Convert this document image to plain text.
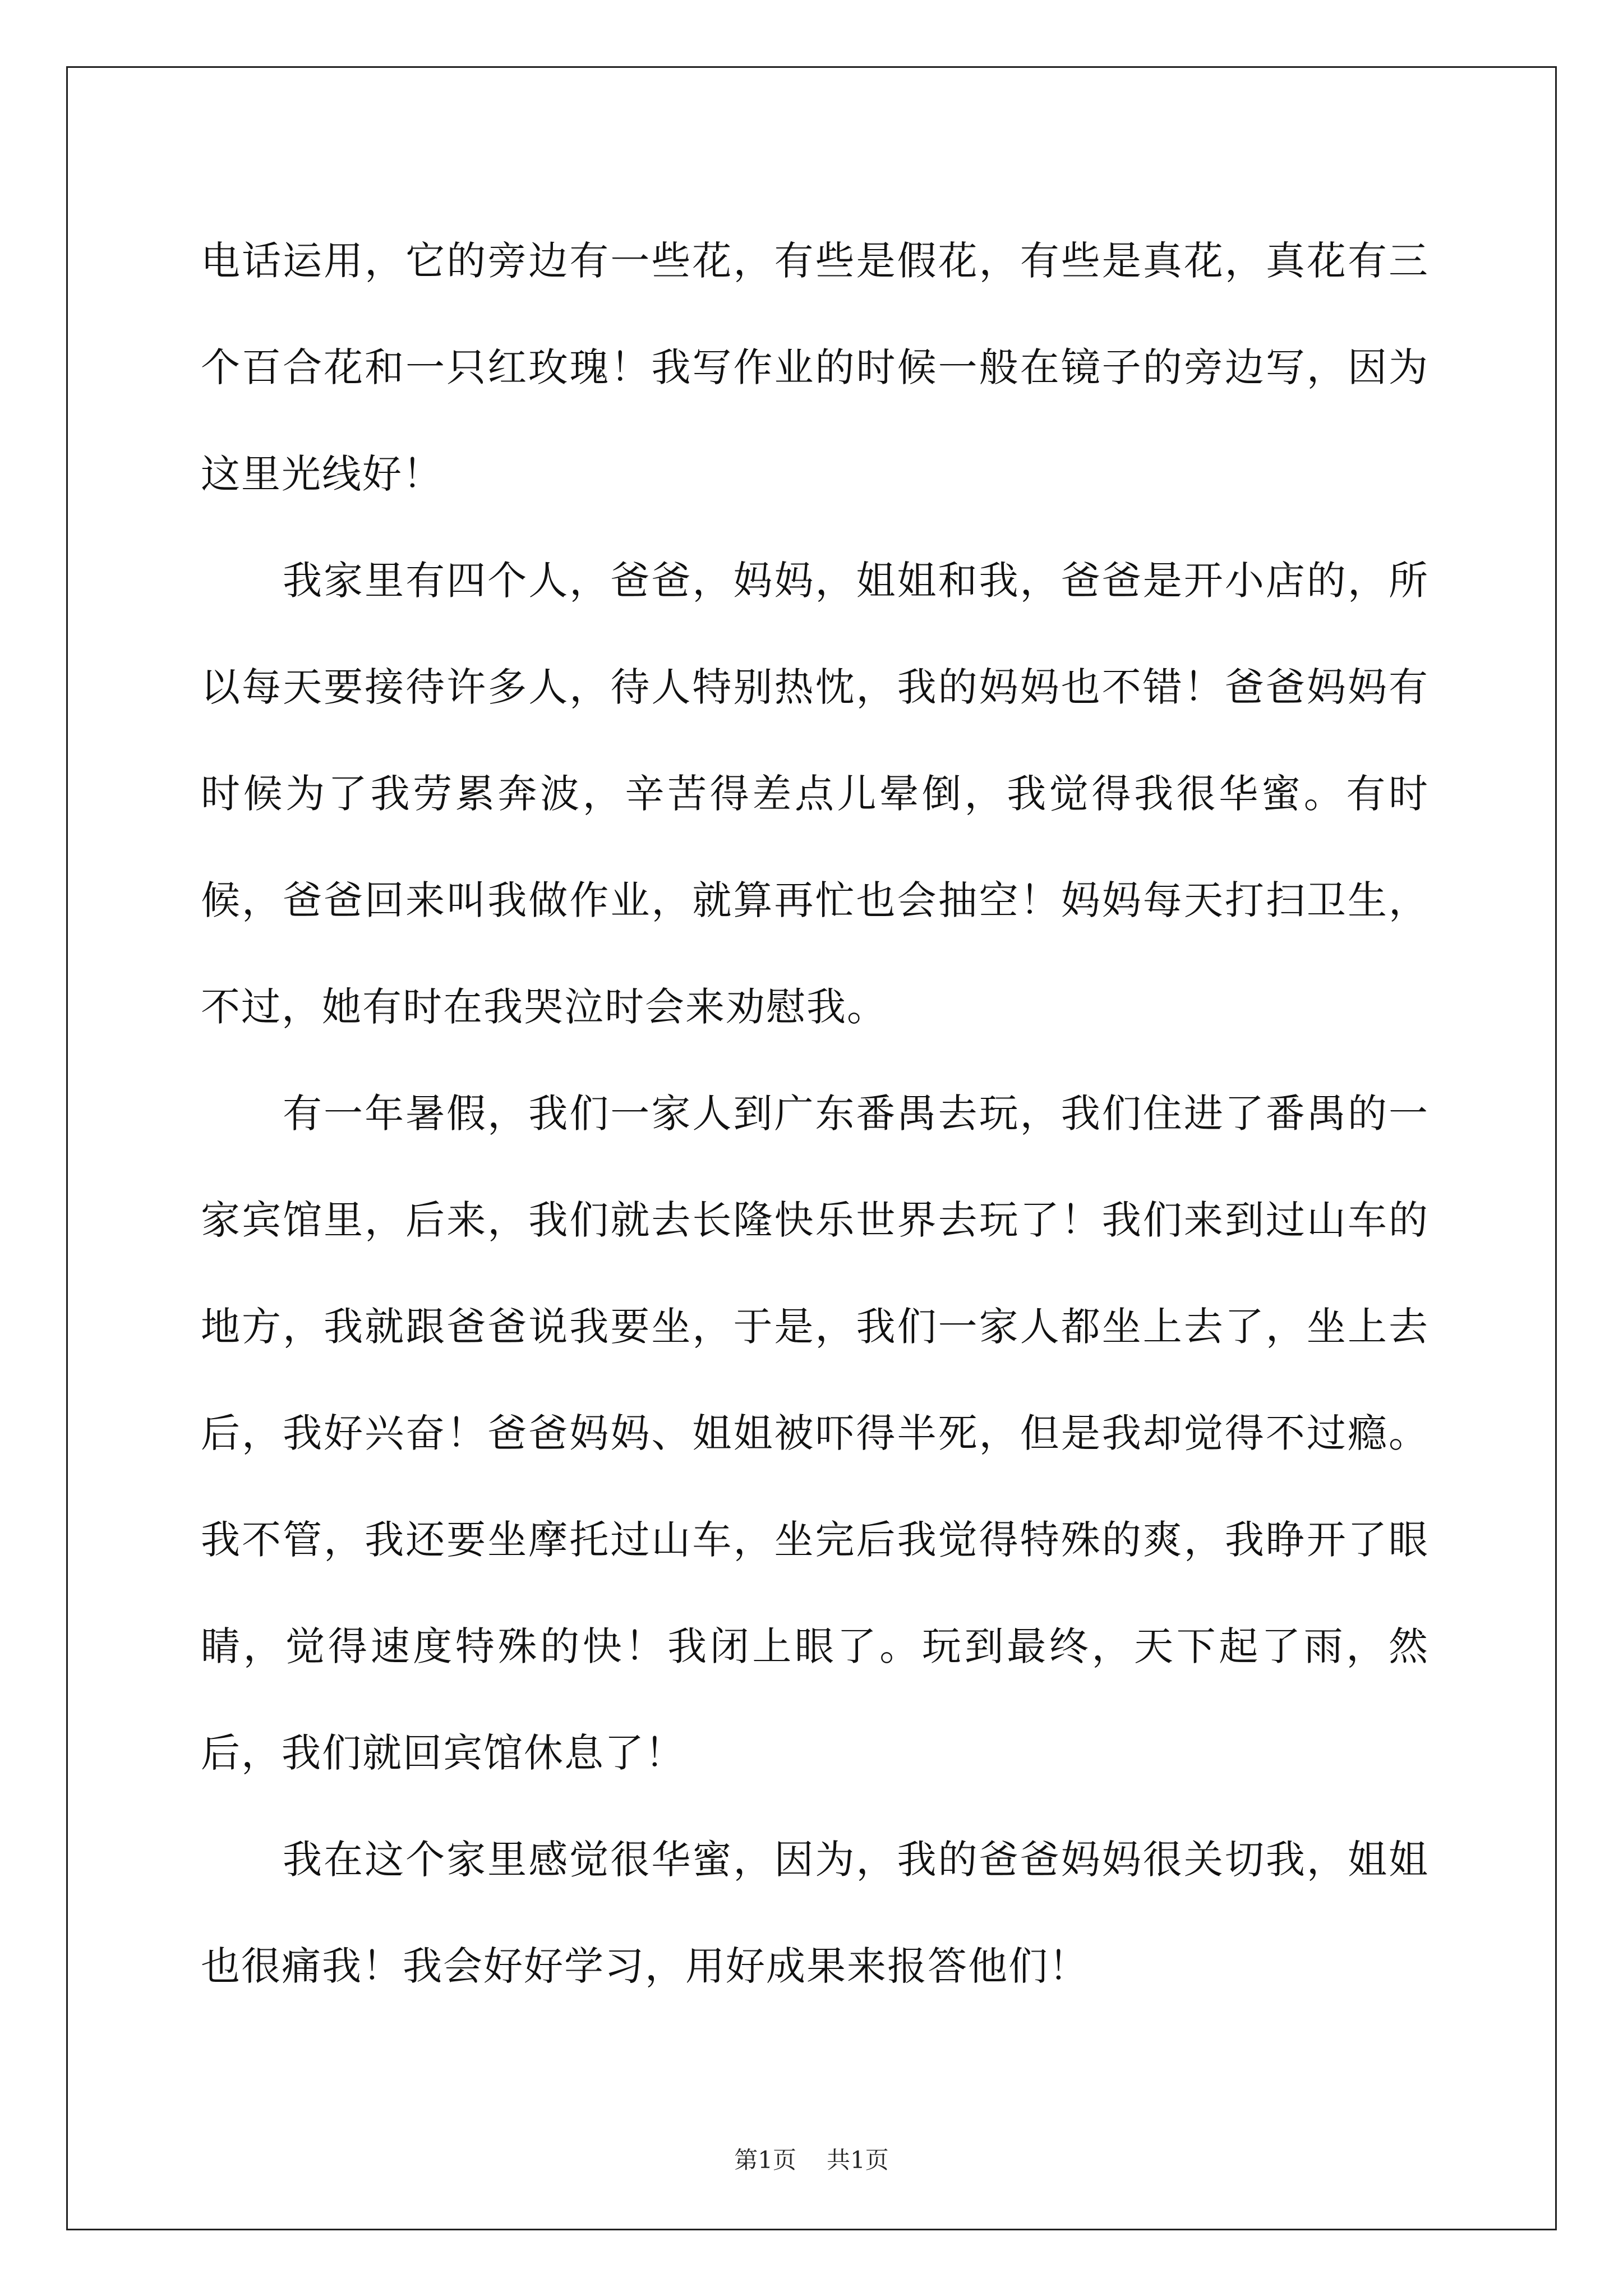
电话运用，它的旁边有一些花，有些是假花，有些是真花，真花有三个百合花和一只红玫瑰！我写作业的时候一般在镜子的旁边写，因为这里光线好！

我家里有四个人，爸爸，妈妈，姐姐和我，爸爸是开小店的，所以每天要接待许多人，待人特别热忱，我的妈妈也不错！爸爸妈妈有时候为了我劳累奔波，辛苦得差点儿晕倒，我觉得我很华蜜。有时候，爸爸回来叫我做作业，就算再忙也会抽空！妈妈每天打扫卫生，不过，她有时在我哭泣时会来劝慰我。

有一年暑假，我们一家人到广东番禺去玩，我们住进了番禺的一家宾馆里，后来，我们就去长隆快乐世界去玩了！我们来到过山车的地方，我就跟爸爸说我要坐，于是，我们一家人都坐上去了，坐上去后，我好兴奋！爸爸妈妈、姐姐被吓得半死，但是我却觉得不过瘾。我不管，我还要坐摩托过山车，坐完后我觉得特殊的爽，我睁开了眼睛，觉得速度特殊的快！我闭上眼了。玩到最终，天下起了雨，然后，我们就回宾馆休息了！

我在这个家里感觉很华蜜，因为，我的爸爸妈妈很关切我，姐姐也很痛我！我会好好学习，用好成果来报答他们！

第1页 共1页
